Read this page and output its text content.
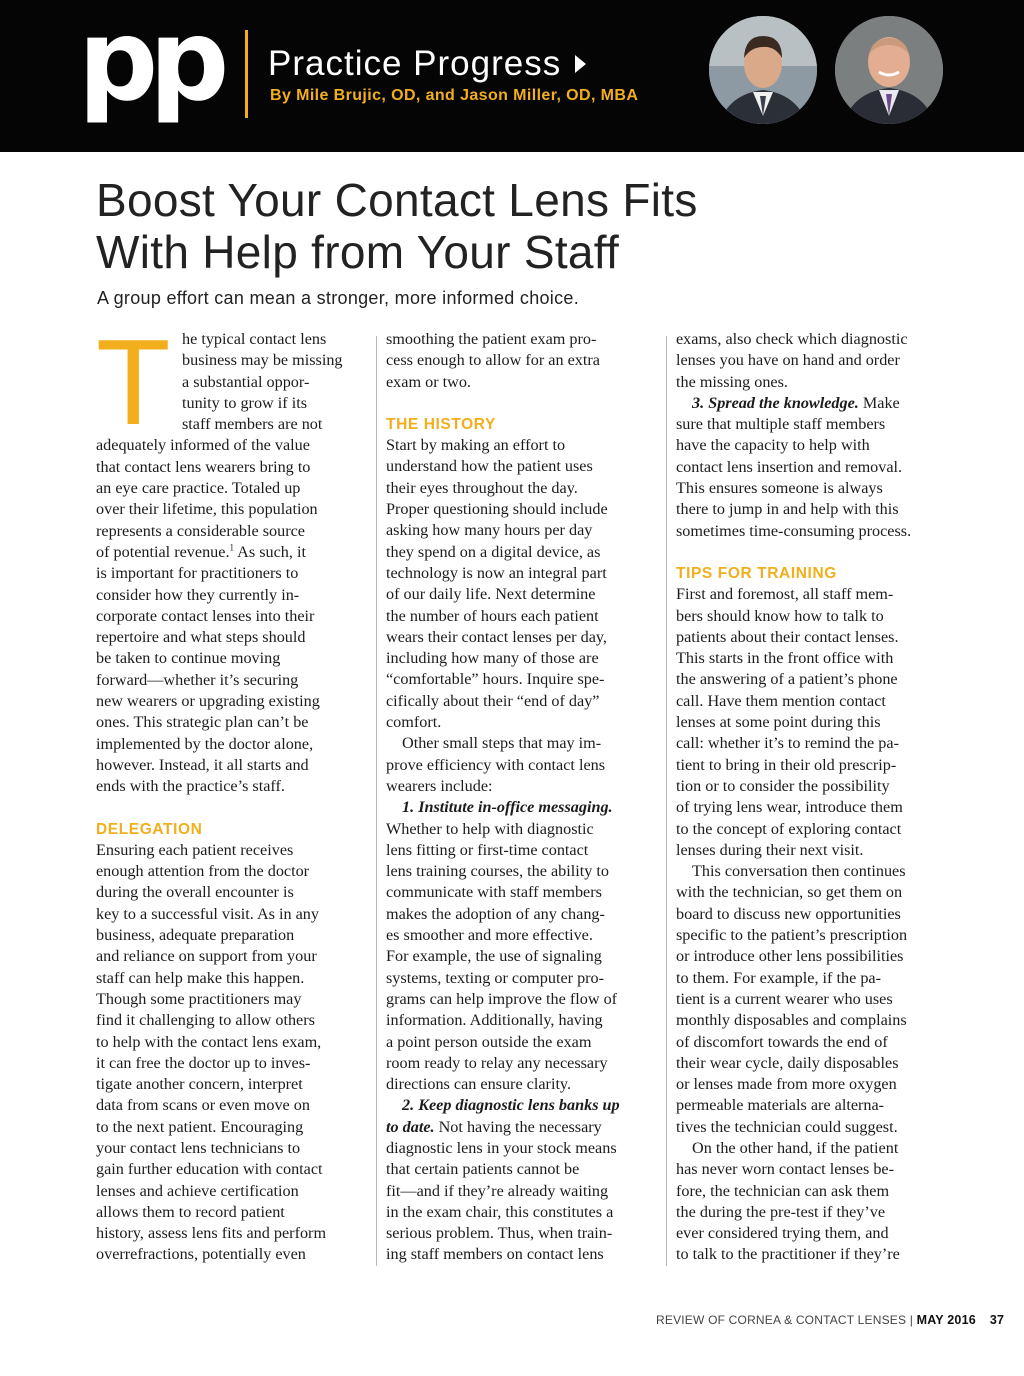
pp Practice Progress
By Mile Brujic, OD, and Jason Miller, OD, MBA
Boost Your Contact Lens Fits
With Help from Your Staff
A group effort can mean a stronger, more informed choice.
T he typical contact lens
business may be missing
a substantial oppor-
tunity to grow if its
staff members are not
adequately informed of the value
that contact lens wearers bring to
an eye care practice. Totaled up
over their lifetime, this population
represents a considerable source
of potential revenue.$^1$ As such, it
is important for practitioners to
consider how they currently in-
corporate contact lenses into their
repertoire and what steps should
be taken to continue moving
forward—whether it’s securing
new wearers or upgrading existing
ones. This strategic plan can’t be
implemented by the doctor alone,
however. Instead, it all starts and
ends with the practice’s staff.
DELEGATION
Ensuring each patient receives
enough attention from the doctor
during the overall encounter is
key to a successful visit. As in any
business, adequate preparation
and reliance on support from your
staff can help make this happen.
Though some practitioners may
find it challenging to allow others
to help with the contact lens exam,
it can free the doctor up to inves-
tigate another concern, interpret
data from scans or even move on
to the next patient. Encouraging
your contact lens technicians to
gain further education with contact
lenses and achieve certification
allows them to record patient
history, assess lens fits and perform
overrefractions, potentially even
smoothing the patient exam pro-
cess enough to allow for an extra
exam or two.
THE HISTORY
Start by making an effort to
understand how the patient uses
their eyes throughout the day.
Proper questioning should include
asking how many hours per day
they spend on a digital device, as
technology is now an integral part
of our daily life. Next determine
the number of hours each patient
wears their contact lenses per day,
including how many of those are
“comfortable” hours. Inquire spe-
cifically about their “end of day”
comfort.
Other small steps that may im-
prove efficiency with contact lens
wearers include:
1. Institute in-office messaging.
Whether to help with diagnostic
lens fitting or first-time contact
lens training courses, the ability to
communicate with staff members
makes the adoption of any chang-
es smoother and more effective.
For example, the use of signaling
systems, texting or computer pro-
grams can help improve the flow of
information. Additionally, having
a point person outside the exam
room ready to relay any necessary
directions can ensure clarity.
2. Keep diagnostic lens banks up
to date. Not having the necessary
diagnostic lens in your stock means
that certain patients cannot be
fit—and if they’re already waiting
in the exam chair, this constitutes a
serious problem. Thus, when train-
ing staff members on contact lens
exams, also check which diagnostic
lenses you have on hand and order
the missing ones.
3. Spread the knowledge. Make
sure that multiple staff members
have the capacity to help with
contact lens insertion and removal.
This ensures someone is always
there to jump in and help with this
sometimes time-consuming process.
TIPS FOR TRAINING
First and foremost, all staff mem-
bers should know how to talk to
patients about their contact lenses.
This starts in the front office with
the answering of a patient’s phone
call. Have them mention contact
lenses at some point during this
call: whether it’s to remind the pa-
tient to bring in their old prescrip-
tion or to consider the possibility
of trying lens wear, introduce them
to the concept of exploring contact
lenses during their next visit.
This conversation then continues
with the technician, so get them on
board to discuss new opportunities
specific to the patient’s prescription
or introduce other lens possibilities
to them. For example, if the pa-
tient is a current wearer who uses
monthly disposables and complains
of discomfort towards the end of
their wear cycle, daily disposables
or lenses made from more oxygen
permeable materials are alterna-
tives the technician could suggest.
On the other hand, if the patient
has never worn contact lenses be-
fore, the technician can ask them
the during the pre-test if they’ve
ever considered trying them, and
to talk to the practitioner if they’re
REVIEW OF CORNEA & CONTACT LENSES | MAY 2016 37
